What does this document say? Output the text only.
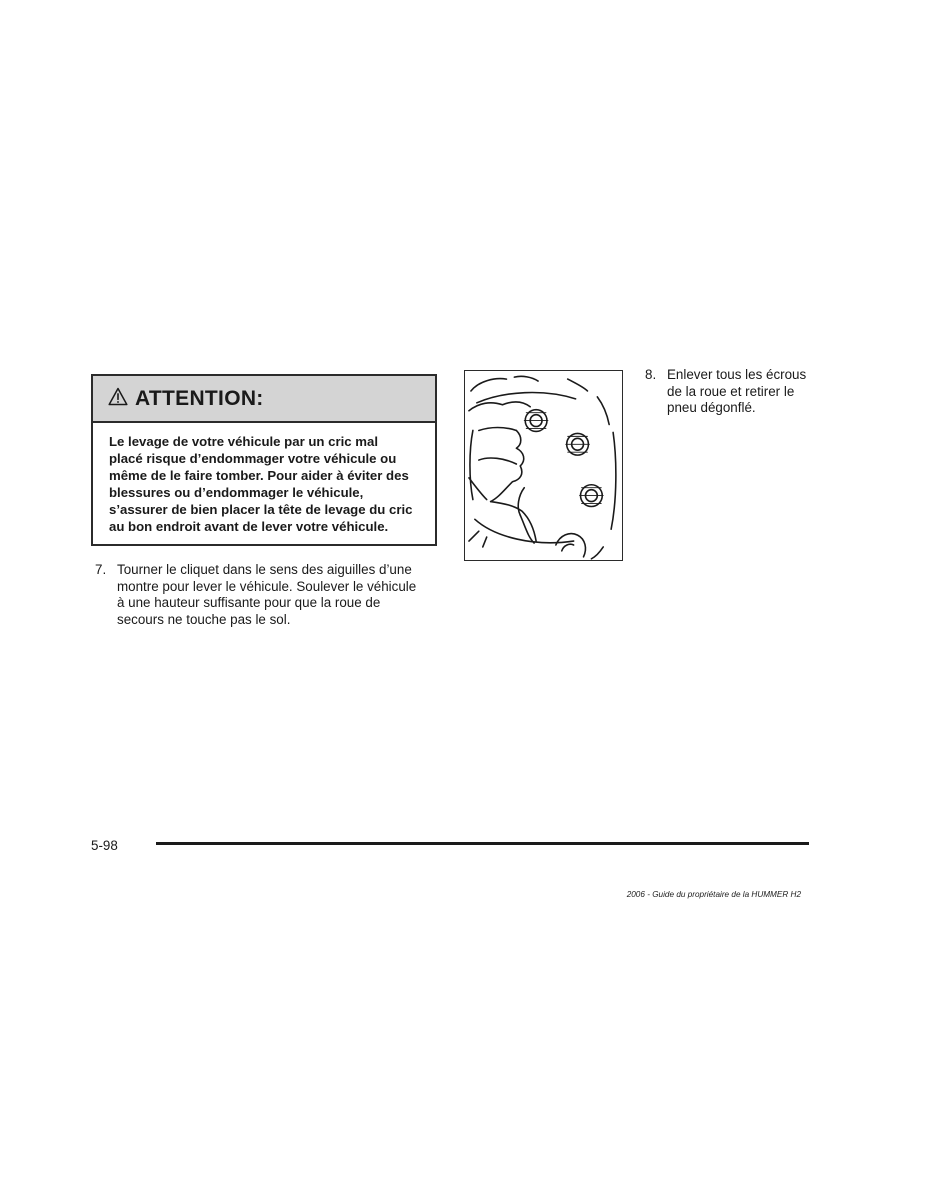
ATTENTION:
Le levage de votre véhicule par un cric mal
placé risque d’endommager votre véhicule ou
même de le faire tomber. Pour aider à éviter des
blessures ou d’endommager le véhicule,
s’assurer de bien placer la tête de levage du cric
au bon endroit avant de lever votre véhicule.
7. Tourner le cliquet dans le sens des aiguilles d’une
montre pour lever le véhicule. Soulever le véhicule
à une hauteur suffisante pour que la roue de
secours ne touche pas le sol.
8. Enlever tous les écrous
de la roue et retirer le
pneu dégonflé.
5-98
2006 - Guide du propriétaire de la HUMMER H2
